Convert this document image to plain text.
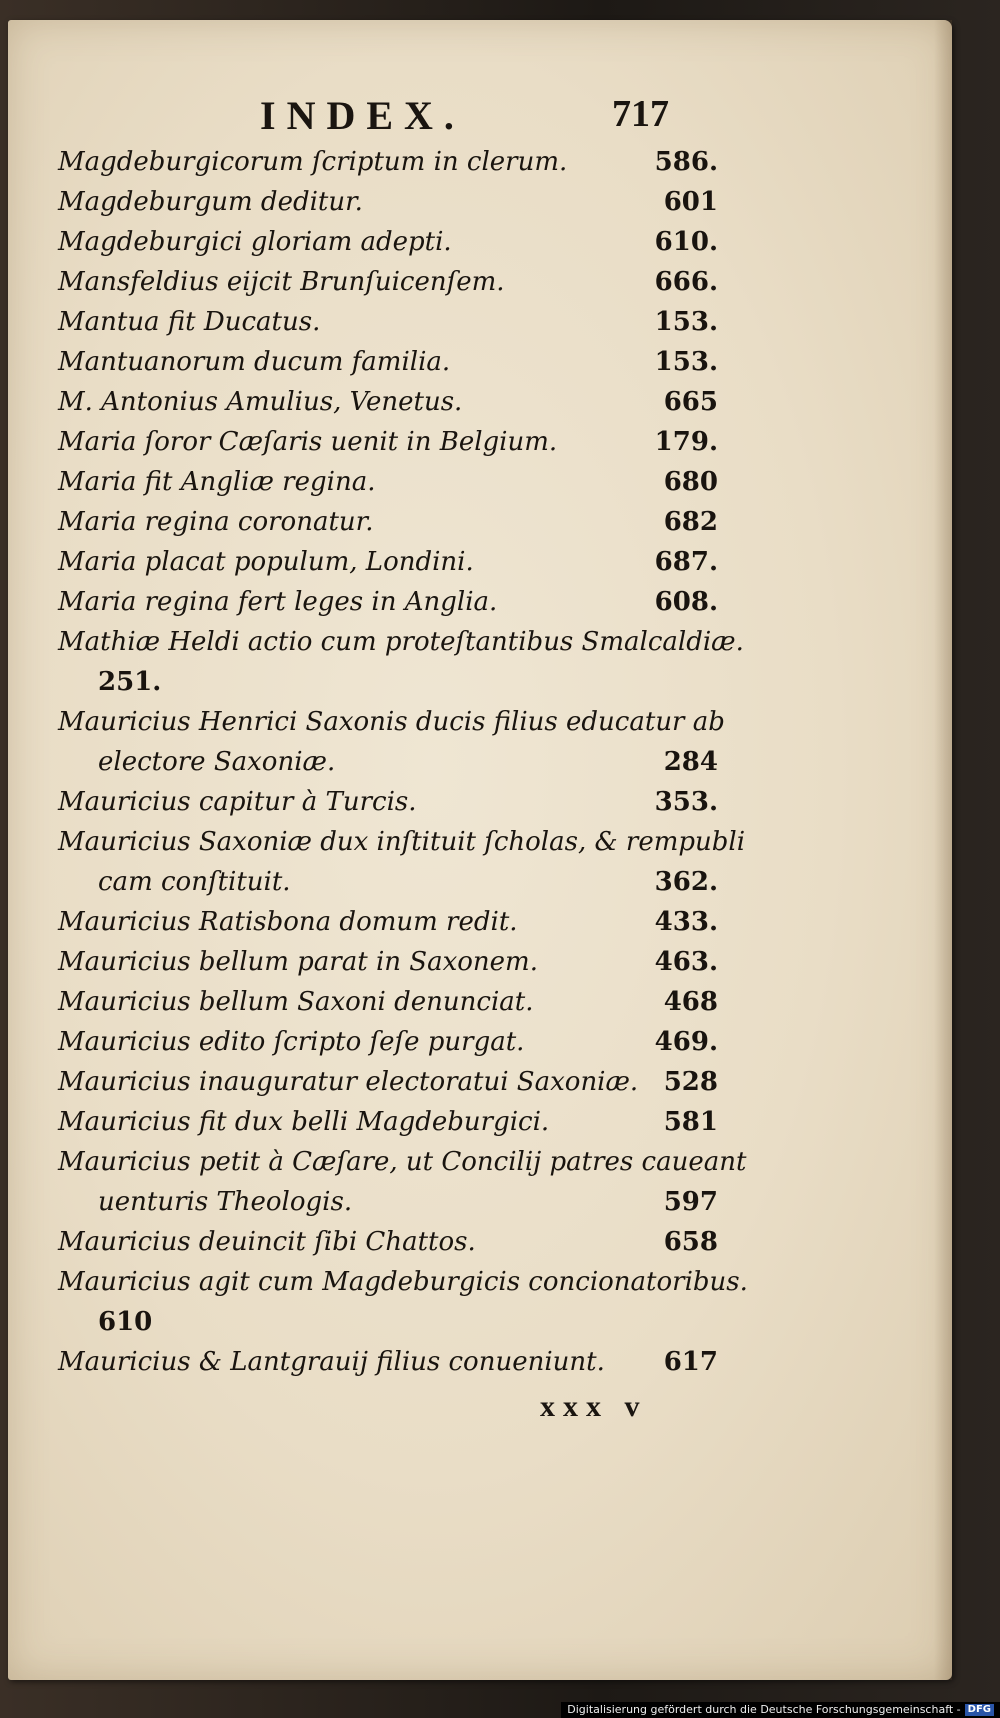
INDEX.	717
Magdeburgicorum ſcriptum in clerum.	586.
Magdeburgum deditur.	601
Magdeburgici gloriam adepti.	610.
Mansfeldius eijcit Brunſuicenſem.	666.
Mantua fit Ducatus.	153.
Mantuanorum ducum familia.	153.
M. Antonius Amulius, Venetus.	665
Maria ſoror Cæſaris uenit in Belgium.	179.
Maria fit Angliæ regina.	680
Maria regina coronatur.	682
Maria placat populum, Londini.	687.
Maria regina fert leges in Anglia.	608.
Mathiæ Heldi actio cum proteſtantibus Smalcaldiæ.
251.
Mauricius Henrici Saxonis ducis filius educatur ab
electore Saxoniæ.	284
Mauricius capitur à Turcis.	353.
Mauricius Saxoniæ dux inſtituit ſcholas, & rempubli
cam conſtituit.	362.
Mauricius Ratisbona domum redit.	433.
Mauricius bellum parat in Saxonem.	463.
Mauricius bellum Saxoni denunciat.	468
Mauricius edito ſcripto ſeſe purgat.	469.
Mauricius inauguratur electoratui Saxoniæ. 528
Mauricius fit dux belli Magdeburgici.	581
Mauricius petit à Cæſare, ut Concilij patres caueant
uenturis Theologis.	597
Mauricius deuincit ſibi Chattos.	658
Mauricius agit cum Magdeburgicis concionatoribus.
610
Mauricius & Lantgrauij filius conueniunt. 617
xxx v
Digitalisierung gefördert durch die Deutsche Forschungsgemeinschaft - DFG
